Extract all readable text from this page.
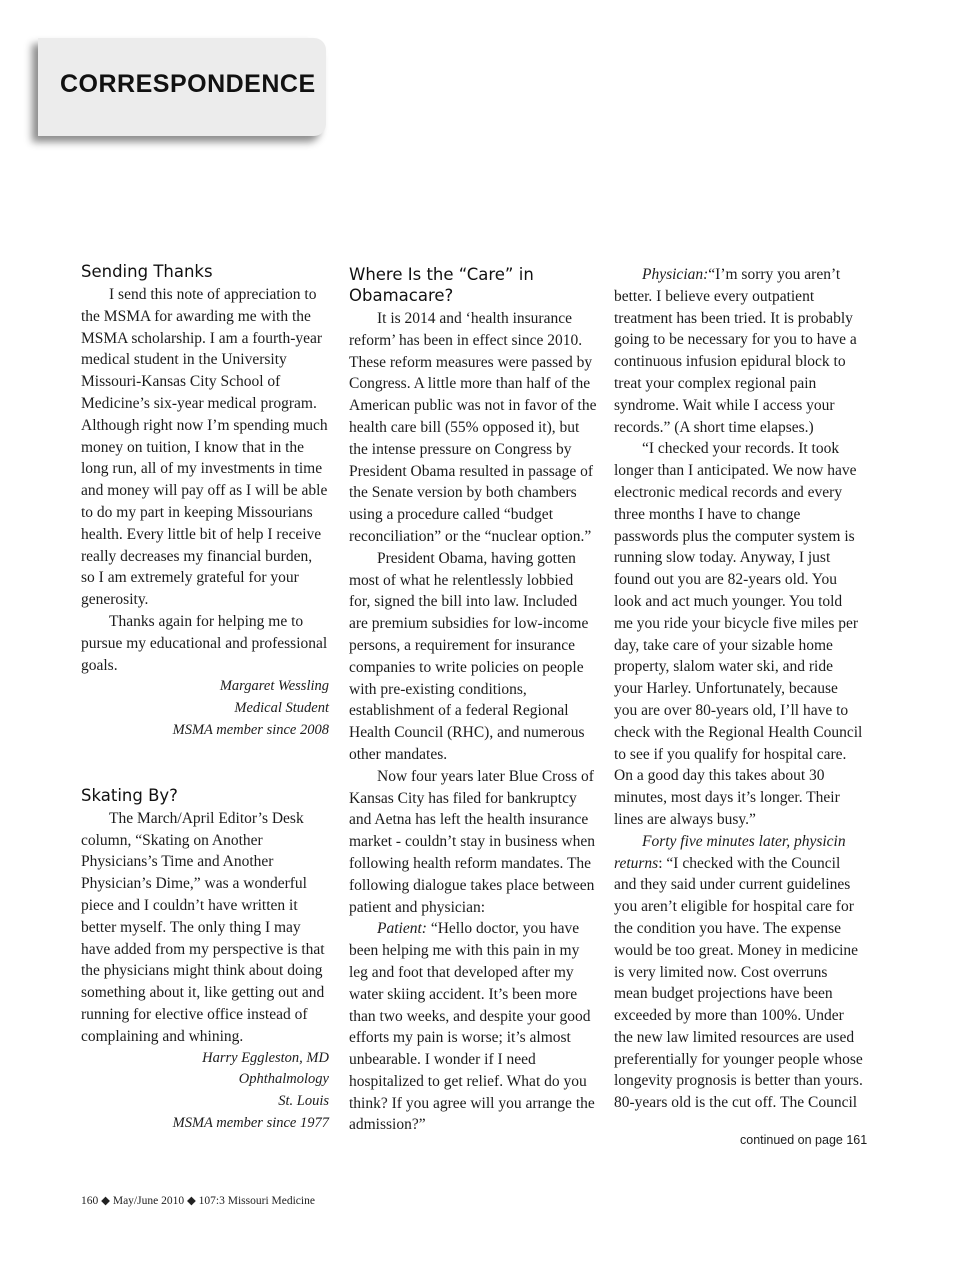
CORRESPONDENCE
Sending Thanks

I send this note of appreciation to the MSMA for awarding me with the MSMA scholarship. I am a fourth-year medical student in the University Missouri-Kansas City School of Medicine’s six-year medical program. Although right now I’m spending much money on tuition, I know that in the long run, all of my investments in time and money will pay off as I will be able to do my part in keeping Missourians health. Every little bit of help I receive really decreases my financial burden, so I am extremely grateful for your generosity.

Thanks again for helping me to pursue my educational and professional goals.

Margaret Wessling
Medical Student
MSMA member since 2008
Skating By?

The March/April Editor’s Desk column, “Skating on Another Physicians’s Time and Another Physician’s Dime,” was a wonderful piece and I couldn’t have written it better myself. The only thing I may have added from my perspective is that the physicians might think about doing something about it, like getting out and running for elective office instead of complaining and whining.

Harry Eggleston, MD
Ophthalmology
St. Louis
MSMA member since 1977
Where Is the “Care” in Obamacare?

It is 2014 and ‘health insurance reform’ has been in effect since 2010. These reform measures were passed by Congress. A little more than half of the American public was not in favor of the health care bill (55% opposed it), but the intense pressure on Congress by President Obama resulted in passage of the Senate version by both chambers using a procedure called “budget reconciliation” or the “nuclear option.”

President Obama, having gotten most of what he relentlessly lobbied for, signed the bill into law. Included are premium subsidies for low-income persons, a requirement for insurance companies to write policies on people with pre-existing conditions, establishment of a federal Regional Health Council (RHC), and numerous other mandates.

Now four years later Blue Cross of Kansas City has filed for bankruptcy and Aetna has left the health insurance market - couldn’t stay in business when following health reform mandates. The following dialogue takes place between patient and physician:

Patient: “Hello doctor, you have been helping me with this pain in my leg and foot that developed after my water skiing accident. It’s been more than two weeks, and despite your good efforts my pain is worse; it’s almost unbearable. I wonder if I need hospitalized to get relief. What do you think? If you agree will you arrange the admission?”

Physician:“I’m sorry you aren’t better. I believe every outpatient treatment has been tried. It is probably going to be necessary for you to have a continuous infusion epidural block to treat your complex regional pain syndrome. Wait while I access your records.” (A short time elapses.)

“I checked your records. It took longer than I anticipated. We now have electronic medical records and every three months I have to change passwords plus the computer system is running slow today. Anyway, I just found out you are 82-years old. You look and act much younger. You told me you ride your bicycle five miles per day, take care of your sizable home property, slalom water ski, and ride your Harley. Unfortunately, because you are over 80-years old, I’ll have to check with the Regional Health Council to see if you qualify for hospital care. On a good day this takes about 30 minutes, most days it’s longer. Their lines are always busy.”

Forty five minutes later, physicin returns: “I checked with the Council and they said under current guidelines you aren’t eligible for hospital care for the condition you have. The expense would be too great. Money in medicine is very limited now. Cost overruns mean budget projections have been exceeded by more than 100%. Under the new law limited resources are used preferentially for younger people whose longevity prognosis is better than yours. 80-years old is the cut off. The Council

continued on page 161
160 ◆ May/June 2010 ◆ 107:3 Missouri Medicine
